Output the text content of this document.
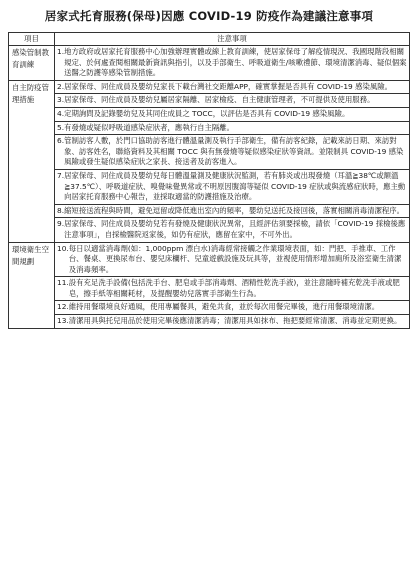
居家式托育服務(保母)因應 COVID-19 防疫作為建議注意事項
項目	注意事項
感染管制教育訓練	1. 地方政府或居家托育服務中心加強辦理實體或線上教育訓練，使居家保母了解疫情現況、我國現階段相關規定、於何處查閱相關最新資訊與指引，以及手部衛生、呼吸道衛生/咳嗽禮節、環境清潔消毒、疑似個案送醫之防護等感染管制措施。

自主防疫管理措施	2. 居家保母、同住成員及嬰幼兒家長下載台灣社交距離APP，確實掌握是否具有 COVID-19 感染風險。

	3. 居家保母、同住成員及嬰幼兒屬居家隔離、居家檢疫、自主健康管理者，不可提供及使用服務。

	4. 定期詢問及記錄嬰幼兒及其同住成員之 TOCC，以評估是否具有 COVID-19 感染風險。

	5. 有發燒或疑似呼吸道感染症狀者，應執行自主隔離。

	6. 管制訪客人數，於門口協助訪客進行體溫量測及執行手部衛生，備有訪客紀錄，記載來訪日期、來訪對象、訪客姓名，聯絡資料及其相關 TOCC 與有無發燒等疑似感染症狀等資訊。並限制具 COVID-19 感染風險或發生疑似感染症狀之家長、接送者及訪客進入。

	7. 居家保母、同住成員及嬰幼兒每日體溫量測及健康狀況監測，若有肺炎或出現發燒（耳溫≧38℃或額溫≧37.5℃）、呼吸道症狀、嗅覺味覺異常或不明原因腹瀉等疑似 COVID-19 症狀或與流感症狀時，應主動向居家托育服務中心報告，並採取適當的防護措施及治療。

	8. 縮短接送流程與時間，避免逗留或降低進出室內的頻率，嬰幼兒送托及接回後，落實相關消毒清潔程序。

	9. 居家保母、同住成員及嬰幼兒若有發燒及健康狀況異常，且經評估須要採檢，請依「COVID-19 採檢後應注意事項」，自採檢醫院返家後，如仍有症狀，應留在家中，不可外出。

環境衛生空間規劃	10. 每日以適當消毒劑(如：1,000ppm 漂白水)消毒經常接觸之作業環境表面，如：門把、手推車、工作台、餐桌、更換尿布台、嬰兒床欄杆、兒童遊戲設施及玩具等，並視使用情形增加廁所及浴室衛生清潔及消毒頻率。

	11. 設有充足洗手設備(包括洗手台、肥皂或手部消毒劑、酒精性乾洗手液)，並注意隨時補充乾洗手液或肥皂，擦手紙等相關耗材，及提醒嬰幼兒落實手部衛生行為。

	12. 維持用餐環境良好通風，使用專屬餐具，避免共食，並於每次用餐完畢後，進行用餐環境清潔。

	13. 清潔用具與托兒用品於使用完畢後應清潔消毒；清潔用具如抹布、拖把要經常清潔、消毒並定期更換。
